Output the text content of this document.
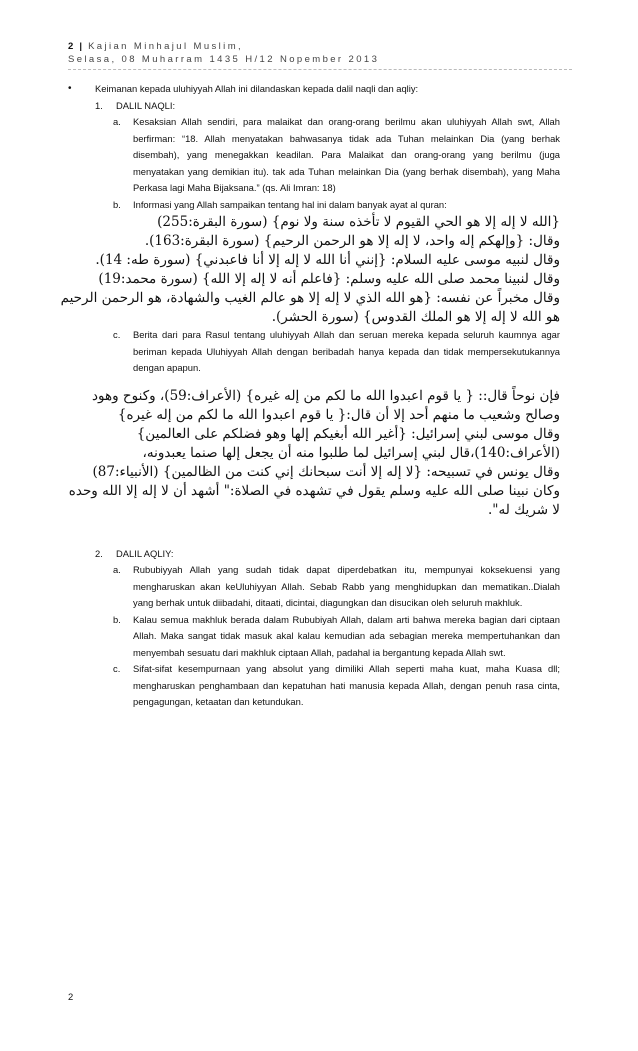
2 | Kajian Minhajul Muslim,
Selasa, 08 Muharram 1435 H/12 Nopember 2013
• Keimanan kepada uluhiyyah Allah ini dilandaskan kepada dalil naqli dan aqliy:
1. DALIL NAQLI:
a. Kesaksian Allah sendiri, para malaikat dan orang-orang berilmu akan uluhiyyah Allah swt, Allah berfirman: “18. Allah menyatakan bahwasanya tidak ada Tuhan melainkan Dia (yang berhak disembah), yang menegakkan keadilan. Para Malaikat dan orang-orang yang berilmu (juga menyatakan yang demikian itu). tak ada Tuhan melainkan Dia (yang berhak disembah), yang Maha Perkasa lagi Maha Bijaksana.” (qs. Ali Imran: 18)
b. Informasi yang Allah sampaikan tentang hal ini dalam banyak ayat al quran:

{الله لا إله إلا هو الحي القيوم لا تأخذه سنة ولا نوم} (سورة البقرة:255)

وقال: {وإلهكم إله واحد، لا إله إلا هو الرحمن الرحيم} (سورة البقرة:163).

وقال لنبيه موسى عليه السلام: {إنني أنا الله لا إله إلا أنا فاعبدني} (سورة طه: 14).

وقال لنبينا محمد صلى الله عليه وسلم: {فاعلم أنه لا إله إلا الله} (سورة محمد:19)

وقال مخبراً عن نفسه: {هو الله الذي لا إله إلا هو عالم الغيب والشهادة، هو الرحمن الرحيم هو الله لا إله إلا هو الملك القدوس} (سورة الحشر).

c. Berita dari para Rasul tentang uluhiyyah Allah dan seruan mereka kepada seluruh kaumnya agar beriman kepada Uluhiyyah Allah dengan beribadah hanya kepada dan tidak mempersekutukannya dengan apapun.

فإن نوحاً قال:: { يا قوم اعبدوا الله ما لكم من إله غيره} (الأعراف:59)، وكنوح وهود وصالح وشعيب ما منهم أحد إلا أن قال:{ يا قوم اعبدوا الله ما لكم من إله غيره}

وقال موسى لبني إسرائيل: {أغير الله أبغيكم إلها وهو فضلكم على العالمين} (الأعراف:140)،قال لبني إسرائيل لما طلبوا منه أن يجعل إلها صنما يعبدونه،

وقال يونس في تسبيحه: {لا إله إلا أنت سبحانك إني كنت من الظالمين} (الأنبياء:87)

وكان نبينا صلى الله عليه وسلم يقول في تشهده في الصلاة:" أشهد أن لا إله إلا الله وحده لا شريك له".

2. DALIL AQLIY:
a. Rububiyyah Allah yang sudah tidak dapat diperdebatkan itu, mempunyai koksekuensi yang mengharuskan akan keUluhiyyan Allah. Sebab Rabb yang menghidupkan dan mematikan..Dialah yang berhak untuk diibadahi, ditaati, dicintai, diagungkan dan disucikan oleh seluruh makhluk.
b. Kalau semua makhluk berada dalam Rububiyah Allah, dalam arti bahwa mereka bagian dari ciptaan Allah. Maka sangat tidak masuk akal kalau kemudian ada sebagian mereka mempertuhankan dan menyembah sesuatu dari makhluk ciptaan Allah, padahal ia bergantung kepada Allah swt.
c. Sifat-sifat kesempurnaan yang absolut yang dimiliki Allah seperti maha kuat, maha Kuasa dll; mengharuskan penghambaan dan kepatuhan hati manusia kepada Allah, dengan penuh rasa cinta, pengagungan, ketaatan dan ketundukan.
2
